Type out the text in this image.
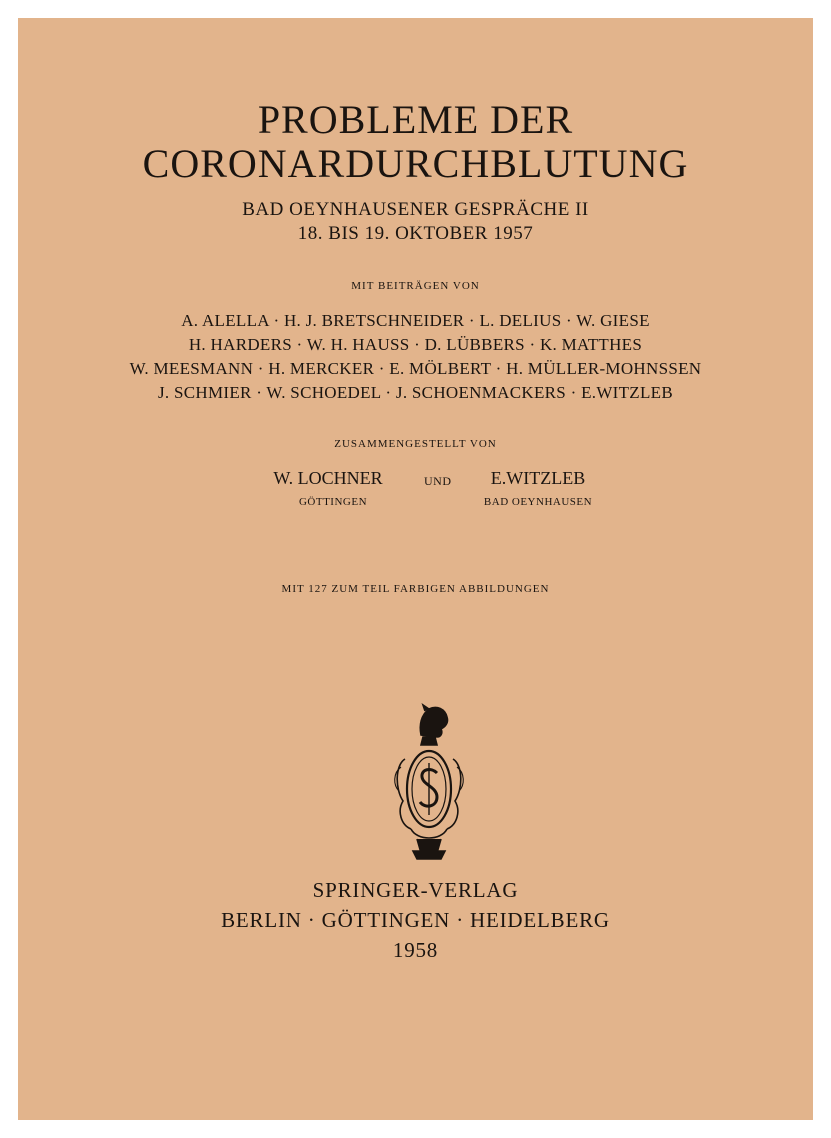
PROBLEME DER
CORONARDURCHBLUTUNG
BAD OEYNHAUSENER GESPRÄCHE II
18. BIS 19. OKTOBER 1957
MIT BEITRÄGEN VON
A. ALELLA · H. J. BRETSCHNEIDER · L. DELIUS · W. GIESE
H. HARDERS · W. H. HAUSS · D. LÜBBERS · K. MATTHES
W. MEESMANN · H. MERCKER · E. MÖLBERT · H. MÜLLER-MOHNSSEN
J. SCHMIER · W. SCHOEDEL · J. SCHOENMACKERS · E.WITZLEB
ZUSAMMENGESTELLT VON
W. LOCHNER	UND	E.WITZLEB
GÖTTINGEN	BAD OEYNHAUSEN
MIT 127 ZUM TEIL FARBIGEN ABBILDUNGEN
SPRINGER-VERLAG
BERLIN · GÖTTINGEN · HEIDELBERG
1958
